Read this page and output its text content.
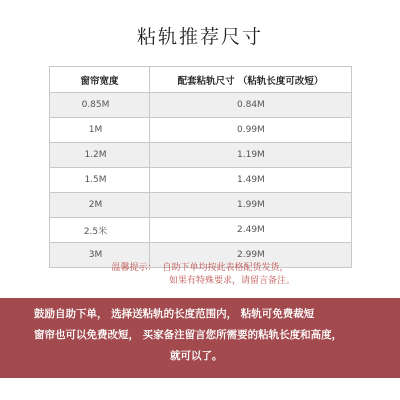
粘轨推荐尺寸
窗帘宽度	配套粘轨尺寸 （粘轨长度可改短）
0.85M	0.84M
1M	0.99M
1.2M	1.19M
1.5M	1.49M
2M	1.99M
2.5米	2.49M
3M	2.99M
温馨提示： 自助下单均按此表格配货发货，
如果有特殊要求，请留言备注。

鼓励自助下单， 选择送粘轨的长度范围内， 粘轨可免费裁短

窗帘也可以免费改短， 买家备注留言您所需要的粘轨长度和高度，

就可以了。
